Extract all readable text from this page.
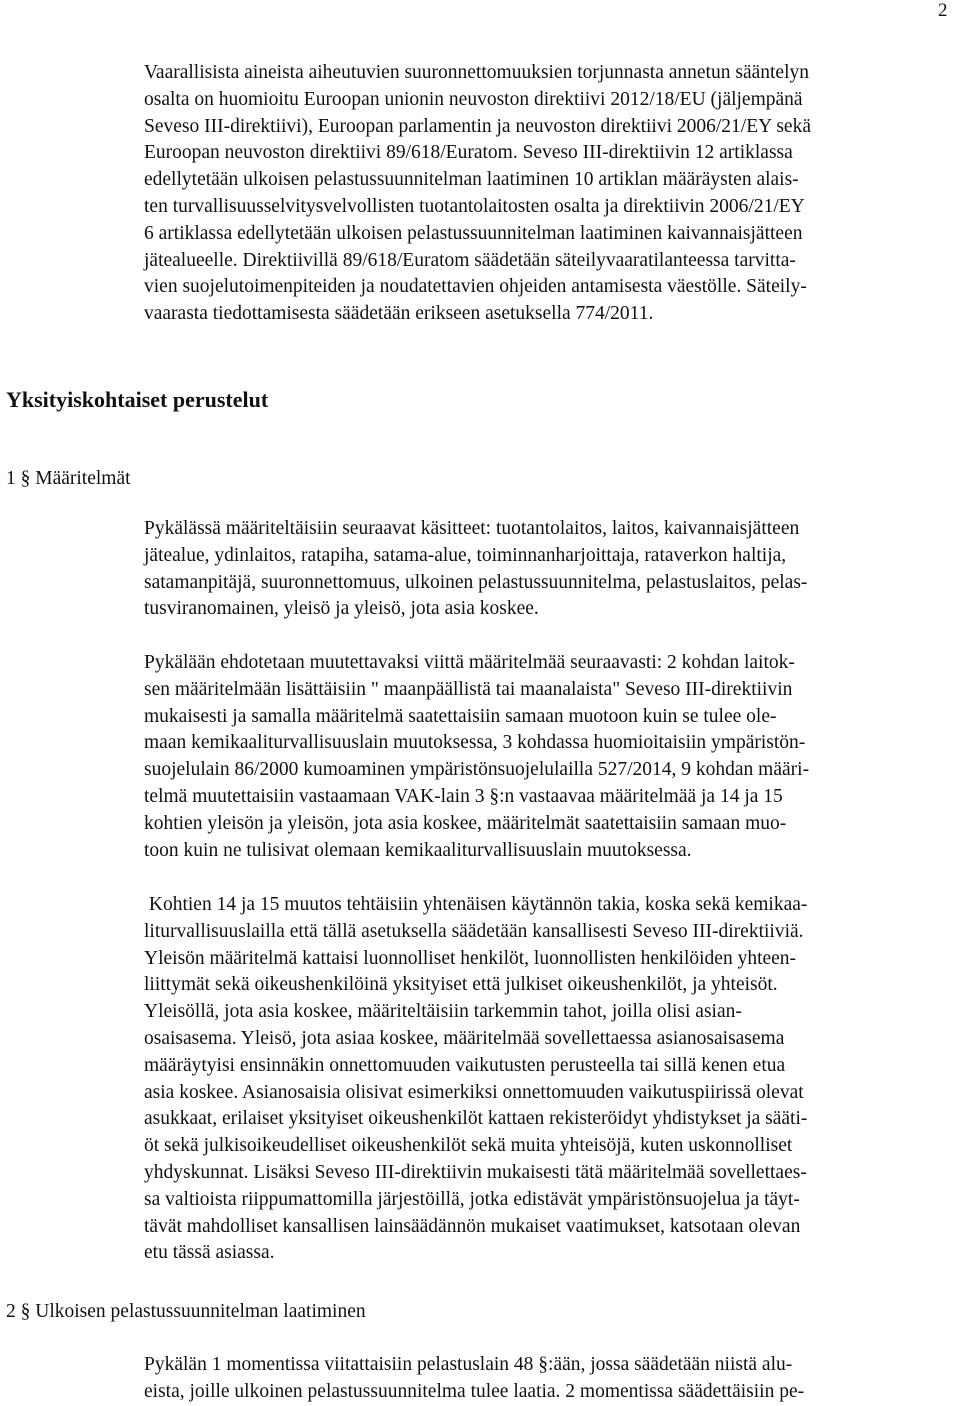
2
Vaarallisista aineista aiheutuvien suuronnettomuuksien torjunnasta annetun sääntelyn
osalta on huomioitu Euroopan unionin neuvoston direktiivi 2012/18/EU (jäljempänä
Seveso III-direktiivi), Euroopan parlamentin ja neuvoston direktiivi 2006/21/EY sekä
Euroopan neuvoston direktiivi 89/618/Euratom. Seveso III-direktiivin 12 artiklassa
edellytetään ulkoisen pelastussuunnitelman laatiminen 10 artiklan määräysten alais-
ten turvallisuusselvitysvelvollisten tuotantolaitosten osalta ja direktiivin 2006/21/EY
6 artiklassa edellytetään ulkoisen pelastussuunnitelman laatiminen kaivannaisjätteen
jätealueelle. Direktiivillä 89/618/Euratom säädetään säteilyvaaratilanteessa tarvitta-
vien suojelutoimenpiteiden ja noudatettavien ohjeiden antamisesta väestölle. Säteily-
vaarasta tiedottamisesta säädetään erikseen asetuksella 774/2011.
Yksityiskohtaiset perustelut
1 § Määritelmät
Pykälässä määriteltäisiin seuraavat käsitteet: tuotantolaitos, laitos, kaivannaisjätteen
jätealue, ydinlaitos, ratapiha, satama-alue, toiminnanharjoittaja, rataverkon haltija,
satamanpitäjä, suuronnettomuus, ulkoinen pelastussuunnitelma, pelastuslaitos, pelas-
tusviranomainen, yleisö ja yleisö, jota asia koskee.
Pykälään ehdotetaan muutettavaksi viittä määritelmää seuraavasti: 2 kohdan laitok-
sen määritelmään lisättäisiin " maanpäällistä tai maanalaista" Seveso III-direktiivin
mukaisesti ja samalla määritelmä saatettaisiin samaan muotoon kuin se tulee ole-
maan kemikaaliturvallisuuslain muutoksessa, 3 kohdassa huomioitaisiin ympäristön-
suojelulain 86/2000 kumoaminen ympäristönsuojelulailla 527/2014, 9 kohdan määri-
telmä muutettaisiin vastaamaan VAK-lain 3 §:n vastaavaa määritelmää ja 14 ja 15
kohtien yleisön ja yleisön, jota asia koskee, määritelmät saatettaisiin samaan muo-
toon kuin ne tulisivat olemaan kemikaaliturvallisuuslain muutoksessa.
Kohtien 14 ja 15 muutos tehtäisiin yhtenäisen käytännön takia, koska sekä kemikaa-
liturvallisuuslailla että tällä asetuksella säädetään kansallisesti Seveso III-direktiiviä.
Yleisön määritelmä kattaisi luonnolliset henkilöt, luonnollisten henkilöiden yhteen-
liittymät sekä oikeushenkilöinä yksityiset että julkiset oikeushenkilöt, ja yhteisöt.
Yleisöllä, jota asia koskee, määriteltäisiin tarkemmin tahot, joilla olisi asian-
osaisasema. Yleisö, jota asiaa koskee, määritelmää sovellettaessa asianosaisasema
määräytyisi ensinnäkin onnettomuuden vaikutusten perusteella tai sillä kenen etua
asia koskee. Asianosaisia olisivat esimerkiksi onnettomuuden vaikutuspiirissä olevat
asukkaat, erilaiset yksityiset oikeushenkilöt kattaen rekisteröidyt yhdistykset ja sääti-
öt sekä julkisoikeudelliset oikeushenkilöt sekä muita yhteisöjä, kuten uskonnolliset
yhdyskunnat. Lisäksi Seveso III-direktiivin mukaisesti tätä määritelmää sovellettaes-
sa valtioista riippumattomilla järjestöillä, jotka edistävät ympäristönsuojelua ja täyt-
tävät mahdolliset kansallisen lainsäädännön mukaiset vaatimukset, katsotaan olevan
etu tässä asiassa.
2 § Ulkoisen pelastussuunnitelman laatiminen
Pykälän 1 momentissa viitattaisiin pelastuslain 48 §:ään, jossa säädetään niistä alu-
eista, joille ulkoinen pelastussuunnitelma tulee laatia. 2 momentissa säädettäisiin pe-
